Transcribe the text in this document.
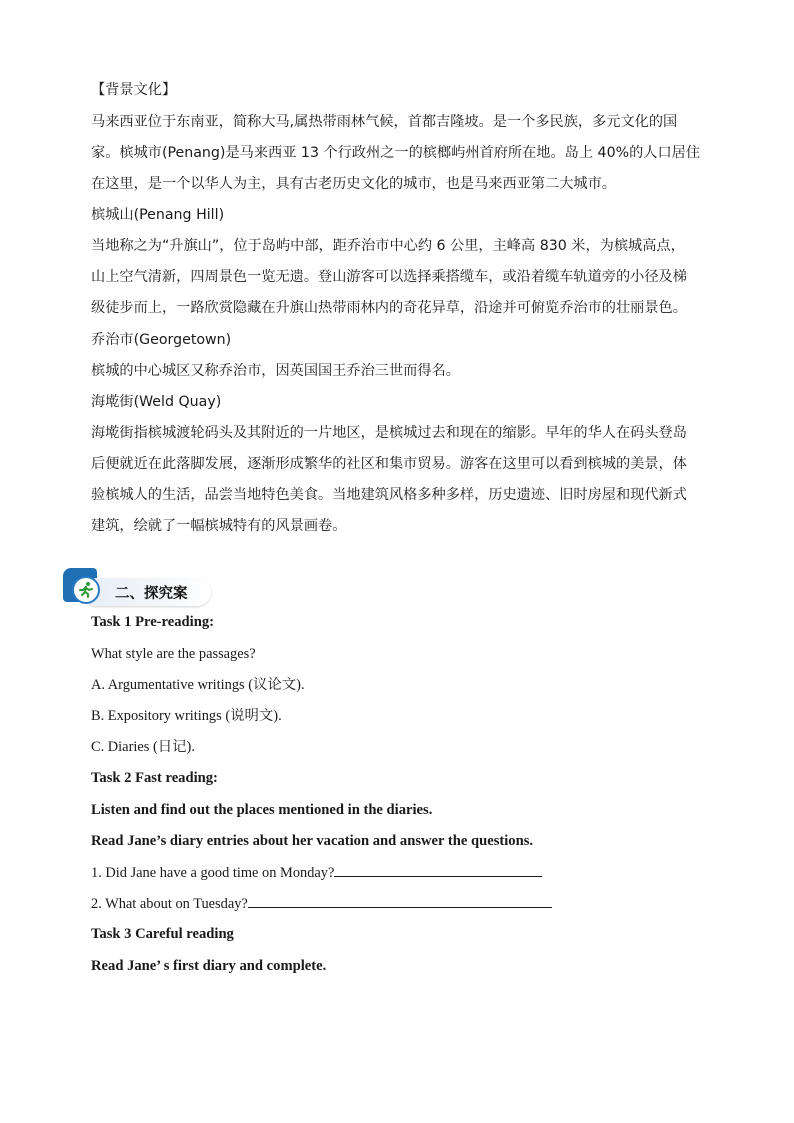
【背景文化】
马来西亚位于东南亚，简称大马,属热带雨林气候，首都吉隆坡。是一个多民族，多元文化的国
家。槟城市(Penang)是马来西亚 13 个行政州之一的槟榔屿州首府所在地。岛上 40%的人口居住
在这里，是一个以华人为主，具有古老历史文化的城市，也是马来西亚第二大城市。
槟城山(Penang Hill)
当地称之为“升旗山”，位于岛屿中部，距乔治市中心约 6 公里，主峰高 830 米，为槟城高点，
山上空气清新，四周景色一览无遗。登山游客可以选择乘搭缆车，或沿着缆车轨道旁的小径及梯
级徒步而上，一路欣赏隐藏在升旗山热带雨林内的奇花异草，沿途并可俯览乔治市的壮丽景色。
乔治市(Georgetown)
槟城的中心城区又称乔治市，因英国国王乔治三世而得名。
海墘街(Weld Quay)
海墘街指槟城渡轮码头及其附近的一片地区，是槟城过去和现在的缩影。早年的华人在码头登岛
后便就近在此落脚发展，逐渐形成繁华的社区和集市贸易。游客在这里可以看到槟城的美景，体
验槟城人的生活，品尝当地特色美食。当地建筑风格多种多样，历史遗迹、旧时房屋和现代新式
建筑，绘就了一幅槟城特有的风景画卷。
二、探究案
Task 1 Pre-reading:
What style are the passages?
A. Argumentative writings (议论文).
B. Expository writings (说明文).
C. Diaries (日记).
Task 2 Fast reading:
Listen and find out the places mentioned in the diaries.
Read Jane’s diary entries about her vacation and answer the questions.
1. Did Jane have a good time on Monday?
2. What about on Tuesday?
Task 3 Careful reading
Read Jane’ s first diary and complete.
